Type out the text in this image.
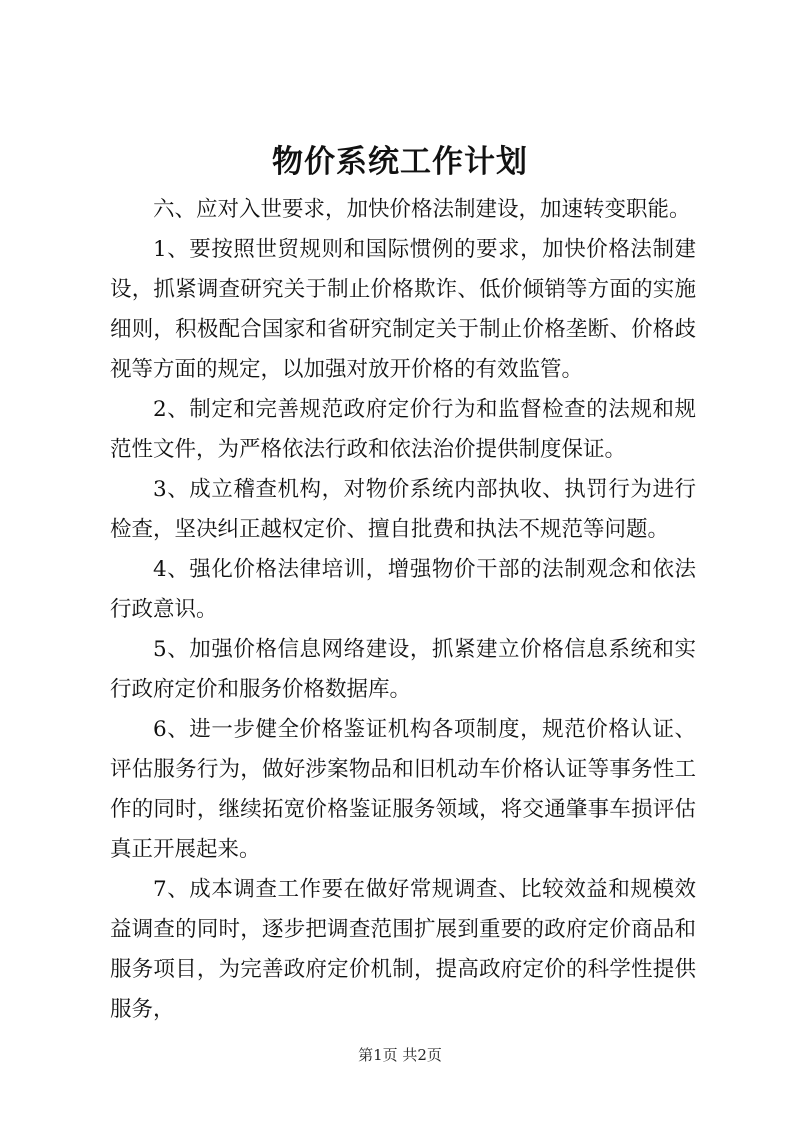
物价系统工作计划

六、应对入世要求，加快价格法制建设，加速转变职能。

1、要按照世贸规则和国际惯例的要求，加快价格法制建设，抓紧调查研究关于制止价格欺诈、低价倾销等方面的实施细则，积极配合国家和省研究制定关于制止价格垄断、价格歧视等方面的规定，以加强对放开价格的有效监管。

2、制定和完善规范政府定价行为和监督检查的法规和规范性文件，为严格依法行政和依法治价提供制度保证。

3、成立稽查机构，对物价系统内部执收、执罚行为进行检查，坚决纠正越权定价、擅自批费和执法不规范等问题。

4、强化价格法律培训，增强物价干部的法制观念和依法行政意识。

5、加强价格信息网络建设，抓紧建立价格信息系统和实行政府定价和服务价格数据库。

6、进一步健全价格鉴证机构各项制度，规范价格认证、评估服务行为，做好涉案物品和旧机动车价格认证等事务性工作的同时，继续拓宽价格鉴证服务领域，将交通肇事车损评估真正开展起来。

7、成本调查工作要在做好常规调查、比较效益和规模效益调查的同时，逐步把调查范围扩展到重要的政府定价商品和服务项目，为完善政府定价机制，提高政府定价的科学性提供服务，

第1页 共2页
